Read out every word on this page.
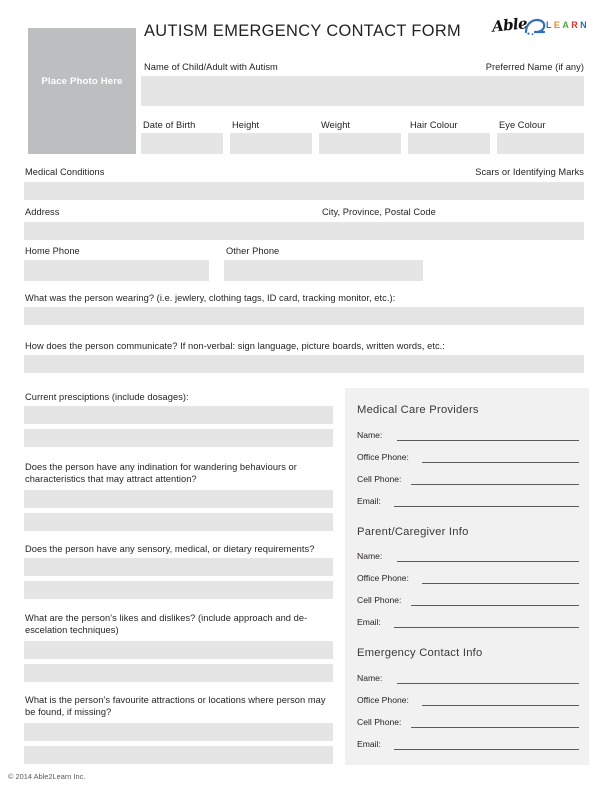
Place Photo Here
AUTISM EMERGENCY CONTACT FORM Able LEARN
Name of Child/Adult with Autism	Preferred Name (if any)
Date of Birth	Height	Weight	Hair Colour	Eye Colour
Medical Conditions	Scars or Identifying Marks
Address	City, Province, Postal Code
Home Phone	Other Phone
What was the person wearing? (i.e. jewlery, clothing tags, ID card, tracking monitor, etc.):
How does the person communicate? If non-verbal: sign language, picture boards, written words, etc.:
Current presciptions (include dosages):
Does the person have any indination for wandering behaviours or characteristics that may attract attention?
Does the person have any sensory, medical, or dietary requirements?
What are the person’s likes and dislikes? (include approach and de-escelation techniques)
What is the person’s favourite attractions or locations where person may be found, if missing?
Medical Care Providers
Name:
Office Phone:
Cell Phone:
Email:
Parent/Caregiver Info
Name:
Office Phone:
Cell Phone:
Email:
Emergency Contact Info
Name:
Office Phone:
Cell Phone:
Email:
© 2014 Able2Learn Inc.
